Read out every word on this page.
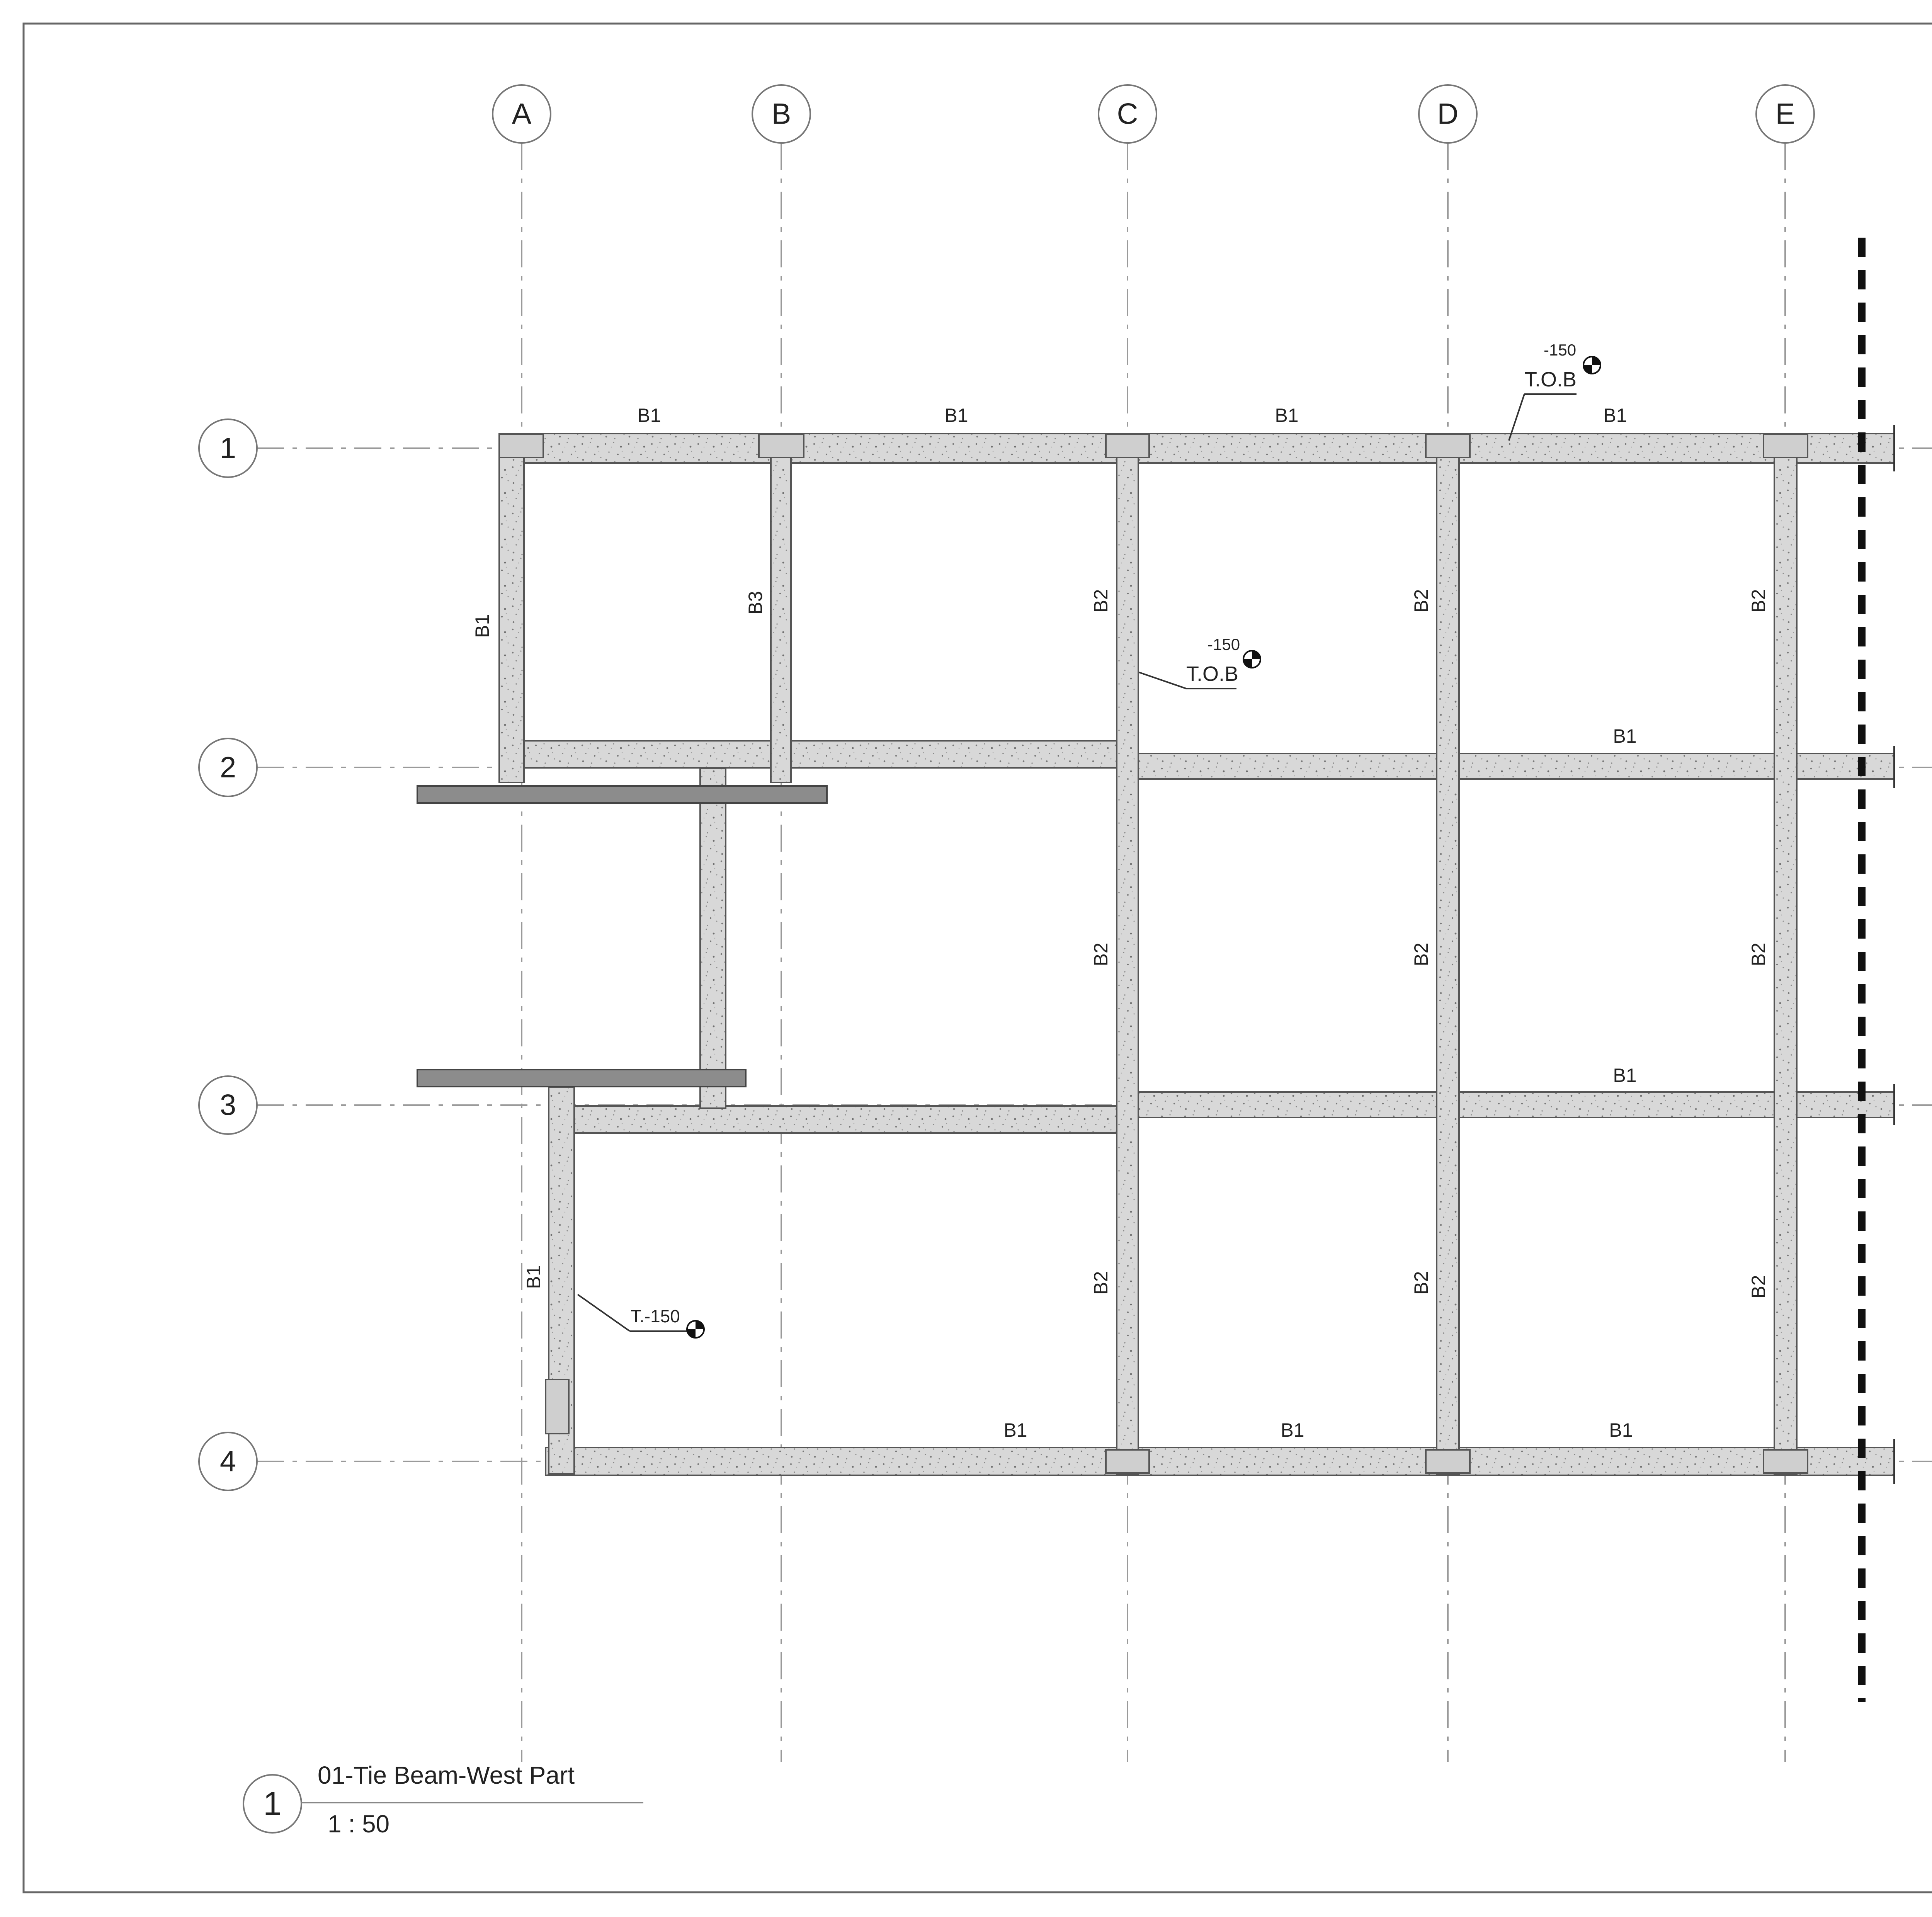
A	B	C	D	E
1
2
3
4
B1	B1	B1	B1
B1
B1
B1	B1	B1
B1
B1
B3	B2
B2
B2
B2
B2
B2
B2
B2
B2
-150
T.O.B
-150
T.O.B
T.-150
1
01-Tie Beam-West Part
1 : 50
